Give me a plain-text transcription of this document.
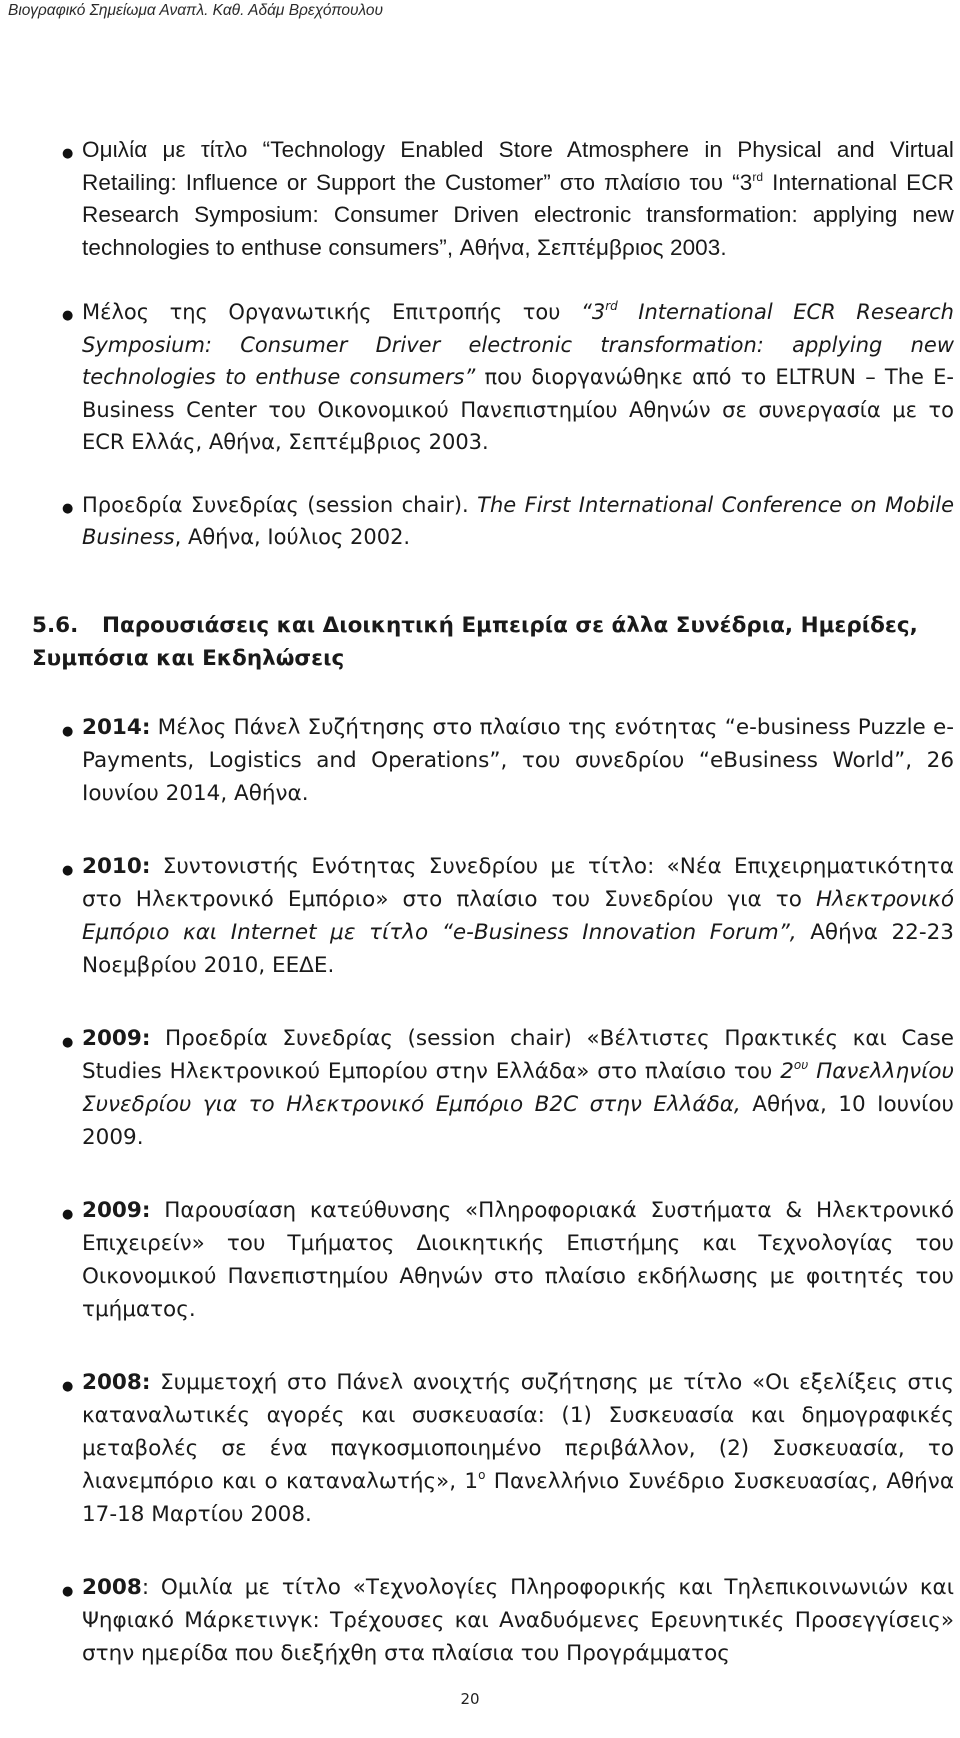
Βιογραφικό Σημείωμα Αναπλ. Καθ. Αδάμ Βρεχόπουλου
● Ομιλία με τίτλο “Technology Enabled Store Atmosphere in Physical and Virtual Retailing: Influence or Support the Customer” στο πλαίσιο του “3rd International ECR Research Symposium: Consumer Driven electronic transformation: applying new technologies to enthuse consumers”, Αθήνα, Σεπτέμβριος 2003.
● Μέλος της Οργανωτικής Επιτροπής του “3rd International ECR Research Symposium: Consumer Driver electronic transformation: applying new technologies to enthuse consumers” που διοργανώθηκε από το ELTRUN – The E-Business Center του Οικονομικού Πανεπιστημίου Αθηνών σε συνεργασία με το ECR Ελλάς, Αθήνα, Σεπτέμβριος 2003.
● Προεδρία Συνεδρίας (session chair). The First International Conference on Mobile Business, Αθήνα, Ιούλιος 2002.
5.6. Παρουσιάσεις και Διοικητική Εμπειρία σε άλλα Συνέδρια, Ημερίδες, Συμπόσια και Εκδηλώσεις
● 2014: Μέλος Πάνελ Συζήτησης στο πλαίσιο της ενότητας “e-business Puzzle e-Payments, Logistics and Operations”, του συνεδρίου “eBusiness World”, 26 Ιουνίου 2014, Αθήνα.
● 2010: Συντονιστής Ενότητας Συνεδρίου με τίτλο: «Νέα Επιχειρηματικότητα στο Ηλεκτρονικό Εμπόριο» στο πλαίσιο του Συνεδρίου για το Ηλεκτρονικό Εμπόριο και Internet με τίτλο “e-Business Innovation Forum”, Αθήνα 22-23 Νοεμβρίου 2010, ΕΕΔΕ.
● 2009: Προεδρία Συνεδρίας (session chair) «Βέλτιστες Πρακτικές και Case Studies Ηλεκτρονικού Εμπορίου στην Ελλάδα» στο πλαίσιο του $2^{o\upsilon}$ Πανελληνίου Συνεδρίου για το Ηλεκτρονικό Εμπόριο B2C στην Ελλάδα, Αθήνα, 10 Ιουνίου 2009.
● 2009: Παρουσίαση κατεύθυνσης «Πληροφοριακά Συστήματα & Ηλεκτρονικό Επιχειρείν» του Τμήματος Διοικητικής Επιστήμης και Τεχνολογίας του Οικονομικού Πανεπιστημίου Αθηνών στο πλαίσιο εκδήλωσης με φοιτητές του τμήματος.
● 2008: Συμμετοχή στο Πάνελ ανοιχτής συζήτησης με τίτλο «Οι εξελίξεις στις καταναλωτικές αγορές και συσκευασία: (1) Συσκευασία και δημογραφικές μεταβολές σε ένα παγκοσμιοποιημένο περιβάλλον, (2) Συσκευασία, το λιανεμπόριο και ο καταναλωτής», $1^o$ Πανελλήνιο Συνέδριο Συσκευασίας, Αθήνα 17-18 Μαρτίου 2008.
● 2008: Ομιλία με τίτλο «Τεχνολογίες Πληροφορικής και Τηλεπικοινωνιών και Ψηφιακό Μάρκετινγκ: Τρέχουσες και Αναδυόμενες Ερευνητικές Προσεγγίσεις» στην ημερίδα που διεξήχθη στα πλαίσια του Προγράμματος
20
